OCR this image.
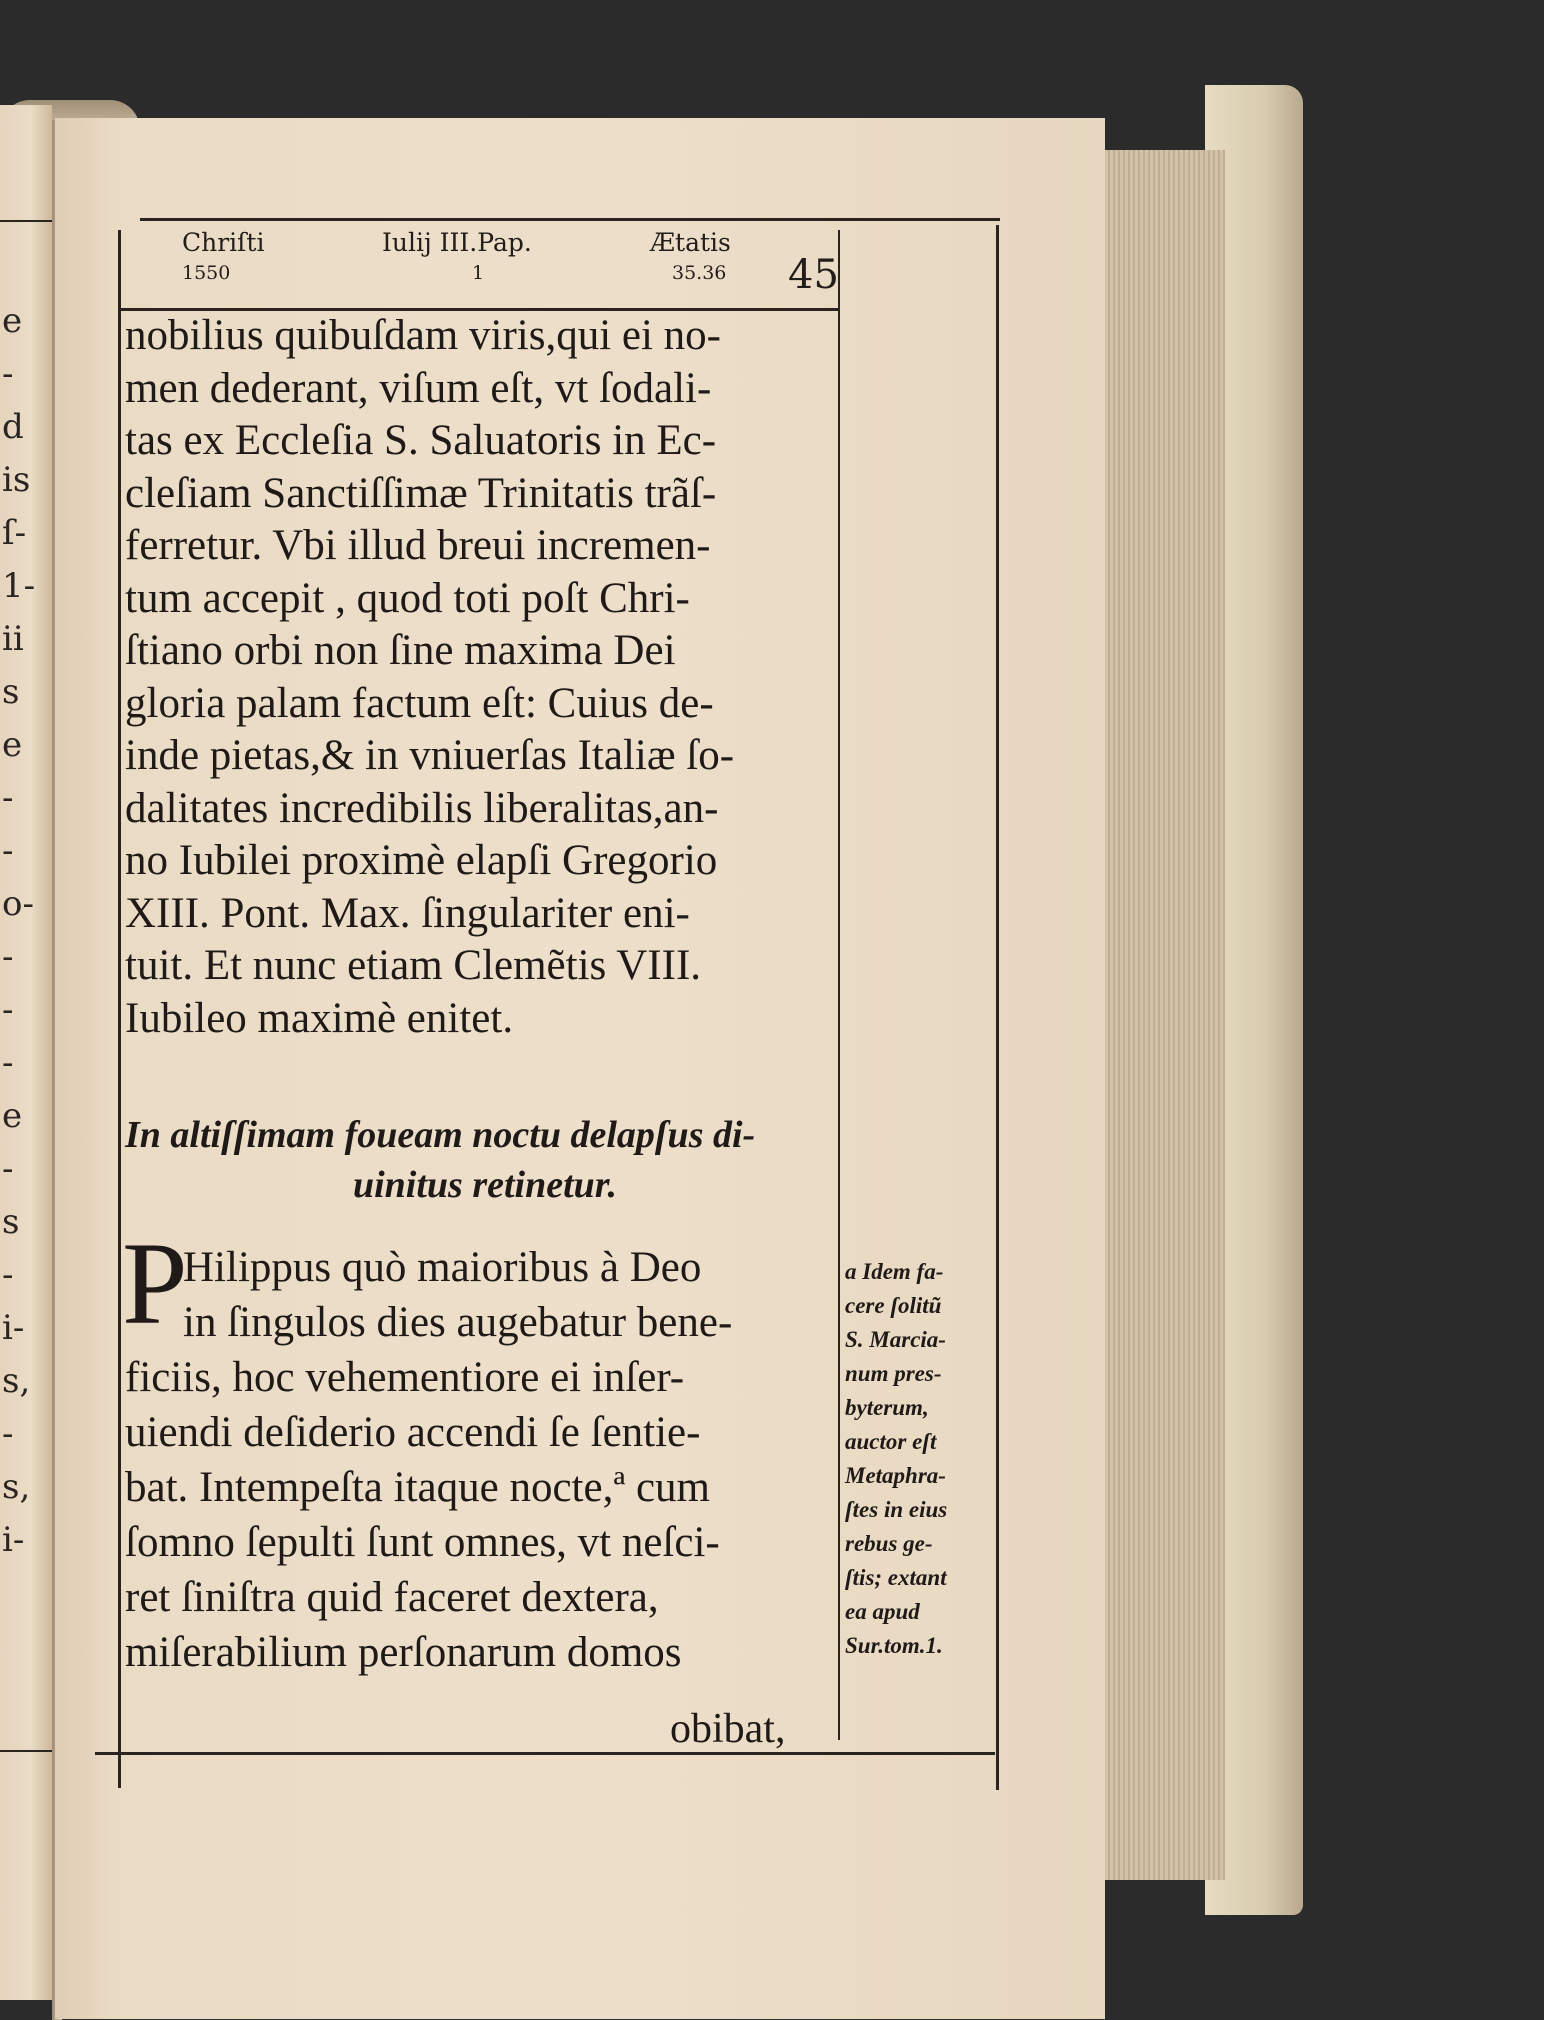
e
-
d
is
ſ-
1-
ii
s
e
-
-
o-
-
-
-
e
-
s
-
i-
s,
-
s,
i-
Chriſti
1550
Iulij III.Pap.
1
Ætatis
35.36 45
nobilius quibuſdam viris,qui ei no-
men dederant, viſum eſt, vt ſodali-
tas ex Eccleſia S. Saluatoris in Ec-
cleſiam Sanctiſſimæ Trinitatis trãſ-
ferretur. Vbi illud breui incremen-
tum accepit , quod toti poſt Chri-
ſtiano orbi non ſine maxima Dei
gloria palam factum eſt: Cuius de-
inde pietas,& in vniuerſas Italiæ ſo-
dalitates incredibilis liberalitas,an-
no Iubilei proximè elapſi Gregorio
XIII. Pont. Max. ſingulariter eni-
tuit. Et nunc etiam Clemẽtis VIII.
Iubileo maximè enitet.
In altiſſimam foueam noctu delapſus di-
uinitus retinetur.
P
Hilippus quò maioribus à Deo
in ſingulos dies augebatur bene-
ficiis, hoc vehementiore ei inſer-
uiendi deſiderio accendi ſe ſentie-
bat. Intempeſta itaque nocte,ª cum
ſomno ſepulti ſunt omnes, vt neſci-
ret ſiniſtra quid faceret dextera,
miſerabilium perſonarum domos
obibat,
a Idem fa-
cere ſolitũ
S. Marcia-
num pres-
byterum,
auctor eſt
Metaphra-
ſtes in eius
rebus ge-
ſtis; extant
ea apud
Sur.tom.1.
